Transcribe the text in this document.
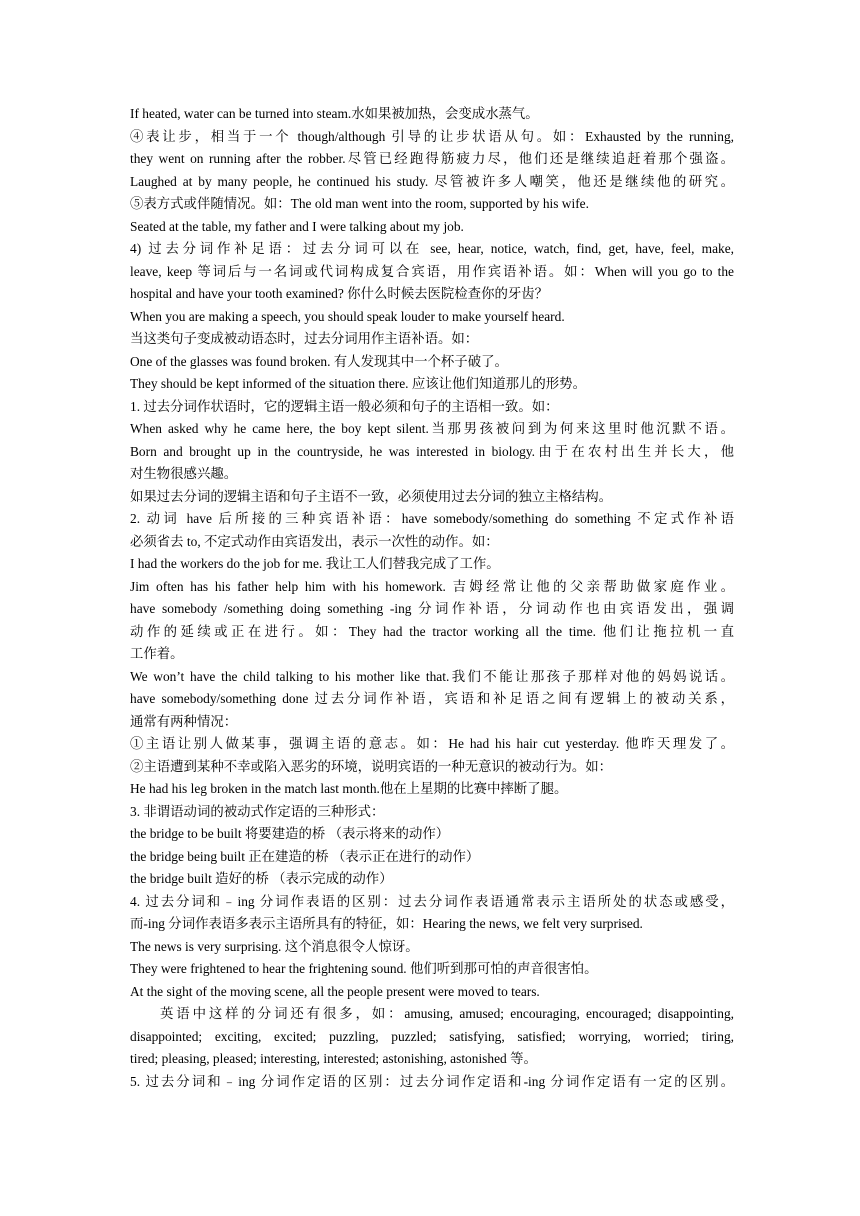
If heated, water can be turned into steam.水如果被加热，会变成水蒸气。
④表让步，相当于一个 though/although 引导的让步状语从句。如：Exhausted by the running,
they went on running after the robber.尽管已经跑得筋疲力尽，他们还是继续追赶着那个强盗。
Laughed at by many people, he continued his study. 尽管被许多人嘲笑，他还是继续他的研究。
⑤表方式或伴随情况。如：The old man went into the room, supported by his wife.
Seated at the table, my father and I were talking about my job.
4) 过去分词作补足语：过去分词可以在 see, hear, notice, watch, find, get, have, feel, make,
leave, keep 等词后与一名词或代词构成复合宾语，用作宾语补语。如：When will you go to the
hospital and have your tooth examined? 你什么时候去医院检查你的牙齿？
When you are making a speech, you should speak louder to make yourself heard.
当这类句子变成被动语态时，过去分词用作主语补语。如：
One of the glasses was found broken. 有人发现其中一个杯子破了。
They should be kept informed of the situation there. 应该让他们知道那儿的形势。
1. 过去分词作状语时，它的逻辑主语一般必须和句子的主语相一致。如：
When asked why he came here, the boy kept silent.当那男孩被问到为何来这里时他沉默不语。
Born and brought up in the countryside, he was interested in biology.由于在农村出生并长大，他
对生物很感兴趣。
如果过去分词的逻辑主语和句子主语不一致，必须使用过去分词的独立主格结构。
2. 动词 have 后所接的三种宾语补语：have somebody/something do something 不定式作补语
必须省去 to, 不定式动作由宾语发出，表示一次性的动作。如：
I had the workers do the job for me. 我让工人们替我完成了工作。
Jim often has his father help him with his homework. 吉姆经常让他的父亲帮助做家庭作业。
have somebody /something doing something -ing 分词作补语，分词动作也由宾语发出，强调
动作的延续或正在进行。如：They had the tractor working all the time. 他们让拖拉机一直
工作着。
We won’t have the child talking to his mother like that.我们不能让那孩子那样对他的妈妈说话。
have somebody/something done 过去分词作补语，宾语和补足语之间有逻辑上的被动关系，
通常有两种情况：
①主语让别人做某事，强调主语的意志。如：He had his hair cut yesterday. 他昨天理发了。
②主语遭到某种不幸或陷入恶劣的环境，说明宾语的一种无意识的被动行为。如：
He had his leg broken in the match last month.他在上星期的比赛中摔断了腿。
3. 非谓语动词的被动式作定语的三种形式：
the bridge to be built 将要建造的桥 （表示将来的动作）
the bridge being built 正在建造的桥 （表示正在进行的动作）
the bridge built 造好的桥 （表示完成的动作）
4. 过去分词和﹣ing 分词作表语的区别：过去分词作表语通常表示主语所处的状态或感受，
而-ing 分词作表语多表示主语所具有的特征，如：Hearing the news, we felt very surprised.
The news is very surprising. 这个消息很令人惊讶。
They were frightened to hear the frightening sound. 他们听到那可怕的声音很害怕。
At the sight of the moving scene, all the people present were moved to tears.
英语中这样的分词还有很多，如：amusing, amused; encouraging, encouraged; disappointing,
disappointed; exciting, excited; puzzling, puzzled; satisfying, satisfied; worrying, worried; tiring,
tired; pleasing, pleased; interesting, interested; astonishing, astonished 等。
5. 过去分词和﹣ing 分词作定语的区别：过去分词作定语和-ing 分词作定语有一定的区别。
